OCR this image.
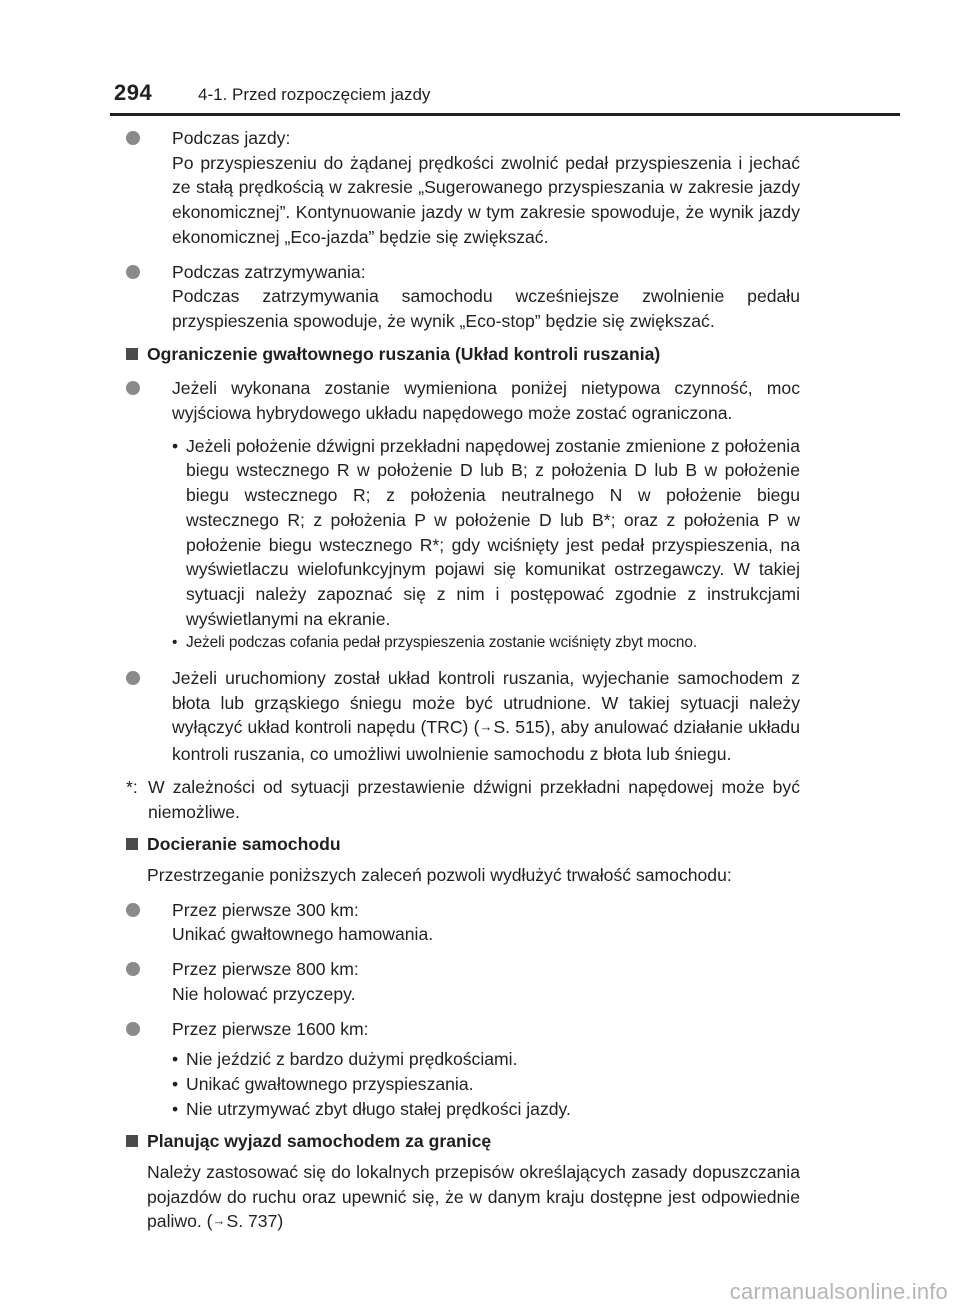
294	4-1. Przed rozpoczęciem jazdy

Podczas jazdy:

Po przyspieszeniu do żądanej prędkości zwolnić pedał przyspieszenia i jechać ze stałą prędkością w zakresie „Sugerowanego przyspieszania w zakresie jazdy ekonomicznej”. Kontynuowanie jazdy w tym zakresie spowoduje, że wynik jazdy ekonomicznej „Eco-jazda” będzie się zwiększać.

Podczas zatrzymywania:

Podczas zatrzymywania samochodu wcześniejsze zwolnienie pedału przyspieszenia spowoduje, że wynik „Eco-stop” będzie się zwiększać.

Ograniczenie gwałtownego ruszania (Układ kontroli ruszania)

Jeżeli wykonana zostanie wymieniona poniżej nietypowa czynność, moc wyjściowa hybrydowego układu napędowego może zostać ograniczona.

• Jeżeli położenie dźwigni przekładni napędowej zostanie zmienione z położenia biegu wstecznego R w położenie D lub B; z położenia D lub B w położenie biegu wstecznego R; z położenia neutralnego N w położenie biegu wstecznego R; z położenia P w położenie D lub B*; oraz z położenia P w położenie biegu wstecznego R*; gdy wciśnięty jest pedał przyspieszenia, na wyświetlaczu wielofunkcyjnym pojawi się komunikat ostrzegawczy. W takiej sytuacji należy zapoznać się z nim i postępować zgodnie z instrukcjami wyświetlanymi na ekranie.
• Jeżeli podczas cofania pedał przyspieszenia zostanie wciśnięty zbyt mocno.

Jeżeli uruchomiony został układ kontroli ruszania, wyjechanie samochodem z błota lub grząskiego śniegu może być utrudnione. W takiej sytuacji należy wyłączyć układ kontroli napędu (TRC) (→S. 515), aby anulować działanie układu kontroli ruszania, co umożliwi uwolnienie samochodu z błota lub śniegu.

*: W zależności od sytuacji przestawienie dźwigni przekładni napędowej może być niemożliwe.
Docieranie samochodu
Przestrzeganie poniższych zaleceń pozwoli wydłużyć trwałość samochodu:

Przez pierwsze 300 km:

Unikać gwałtownego hamowania.

Przez pierwsze 800 km:

Nie holować przyczepy.

Przez pierwsze 1600 km:

• Nie jeździć z bardzo dużymi prędkościami.
• Unikać gwałtownego przyspieszania.
• Nie utrzymywać zbyt długo stałej prędkości jazdy.
Planując wyjazd samochodem za granicę
Należy zastosować się do lokalnych przepisów określających zasady dopuszczania pojazdów do ruchu oraz upewnić się, że w danym kraju dostępne jest odpowiednie paliwo. (→S. 737)
carmanualsonline.info
